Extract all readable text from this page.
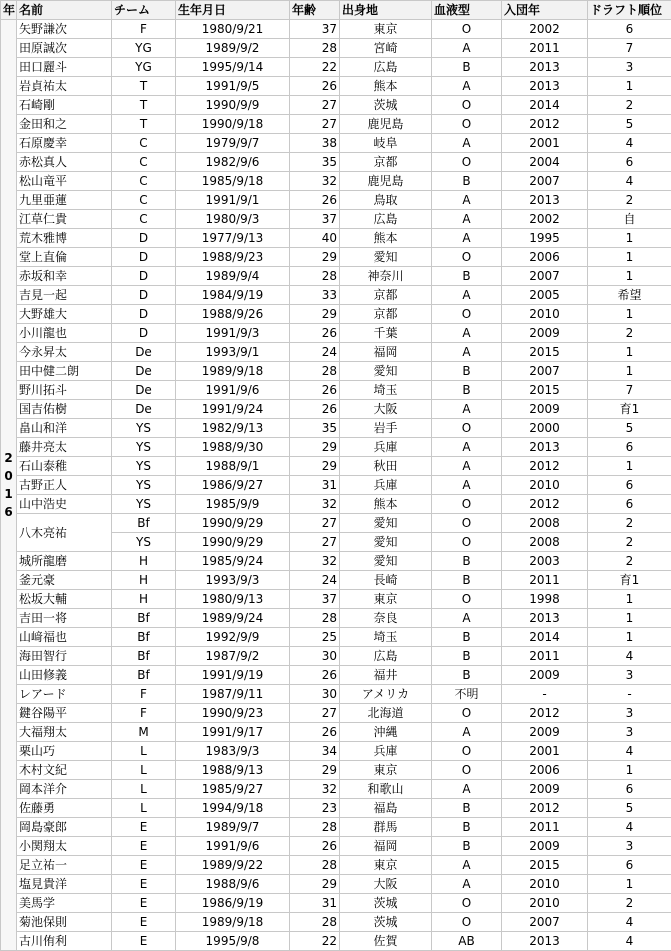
年	名前	チーム	生年月日	年齢	出身地	血液型	入団年	ドラフト順位

2
0
1
6	矢野謙次	F	1980/9/21	37	東京	O	2002	6
	田原誠次	YG	1989/9/2	28	宮崎	A	2011	7
	田口麗斗	YG	1995/9/14	22	広島	B	2013	3
	岩貞祐太	T	1991/9/5	26	熊本	A	2013	1
	石崎剛	T	1990/9/9	27	茨城	O	2014	2
	金田和之	T	1990/9/18	27	鹿児島	O	2012	5
	石原慶幸	C	1979/9/7	38	岐阜	A	2001	4
	赤松真人	C	1982/9/6	35	京都	O	2004	6
	松山竜平	C	1985/9/18	32	鹿児島	B	2007	4
	九里亜蓮	C	1991/9/1	26	鳥取	A	2013	2
	江草仁貴	C	1980/9/3	37	広島	A	2002	自
	荒木雅博	D	1977/9/13	40	熊本	A	1995	1
	堂上直倫	D	1988/9/23	29	愛知	O	2006	1
	赤坂和幸	D	1989/9/4	28	神奈川	B	2007	1
	吉見一起	D	1984/9/19	33	京都	A	2005	希望
	大野雄大	D	1988/9/26	29	京都	O	2010	1
	小川龍也	D	1991/9/3	26	千葉	A	2009	2
	今永昇太	De	1993/9/1	24	福岡	A	2015	1
	田中健二朗	De	1989/9/18	28	愛知	B	2007	1
	野川拓斗	De	1991/9/6	26	埼玉	B	2015	7
	国吉佑樹	De	1991/9/24	26	大阪	A	2009	育1
	畠山和洋	YS	1982/9/13	35	岩手	O	2000	5
	藤井亮太	YS	1988/9/30	29	兵庫	A	2013	6
	石山泰稚	YS	1988/9/1	29	秋田	A	2012	1
	古野正人	YS	1986/9/27	31	兵庫	A	2010	6
	山中浩史	YS	1985/9/9	32	熊本	O	2012	6
	八木亮祐	Bf	1990/9/29	27	愛知	O	2008	2
		YS	1990/9/29	27	愛知	O	2008	2
	城所龍磨	H	1985/9/24	32	愛知	B	2003	2
	釜元豪	H	1993/9/3	24	長崎	B	2011	育1
	松坂大輔	H	1980/9/13	37	東京	O	1998	1
	吉田一将	Bf	1989/9/24	28	奈良	A	2013	1
	山﨑福也	Bf	1992/9/9	25	埼玉	B	2014	1
	海田智行	Bf	1987/9/2	30	広島	B	2011	4
	山田修義	Bf	1991/9/19	26	福井	B	2009	3
	レアード	F	1987/9/11	30	アメリカ	不明	-	-
	鍵谷陽平	F	1990/9/23	27	北海道	O	2012	3
	大福翔太	M	1991/9/17	26	沖縄	A	2009	3
	栗山巧	L	1983/9/3	34	兵庫	O	2001	4
	木村文紀	L	1988/9/13	29	東京	O	2006	1
	岡本洋介	L	1985/9/27	32	和歌山	A	2009	6
	佐藤勇	L	1994/9/18	23	福島	B	2012	5
	岡島豪郎	E	1989/9/7	28	群馬	B	2011	4
	小関翔太	E	1991/9/6	26	福岡	B	2009	3
	足立祐一	E	1989/9/22	28	東京	A	2015	6
	塩見貴洋	E	1988/9/6	29	大阪	A	2010	1
	美馬学	E	1986/9/19	31	茨城	O	2010	2
	菊池保則	E	1989/9/18	28	茨城	O	2007	4
	古川侑利	E	1995/9/8	22	佐賀	AB	2013	4
